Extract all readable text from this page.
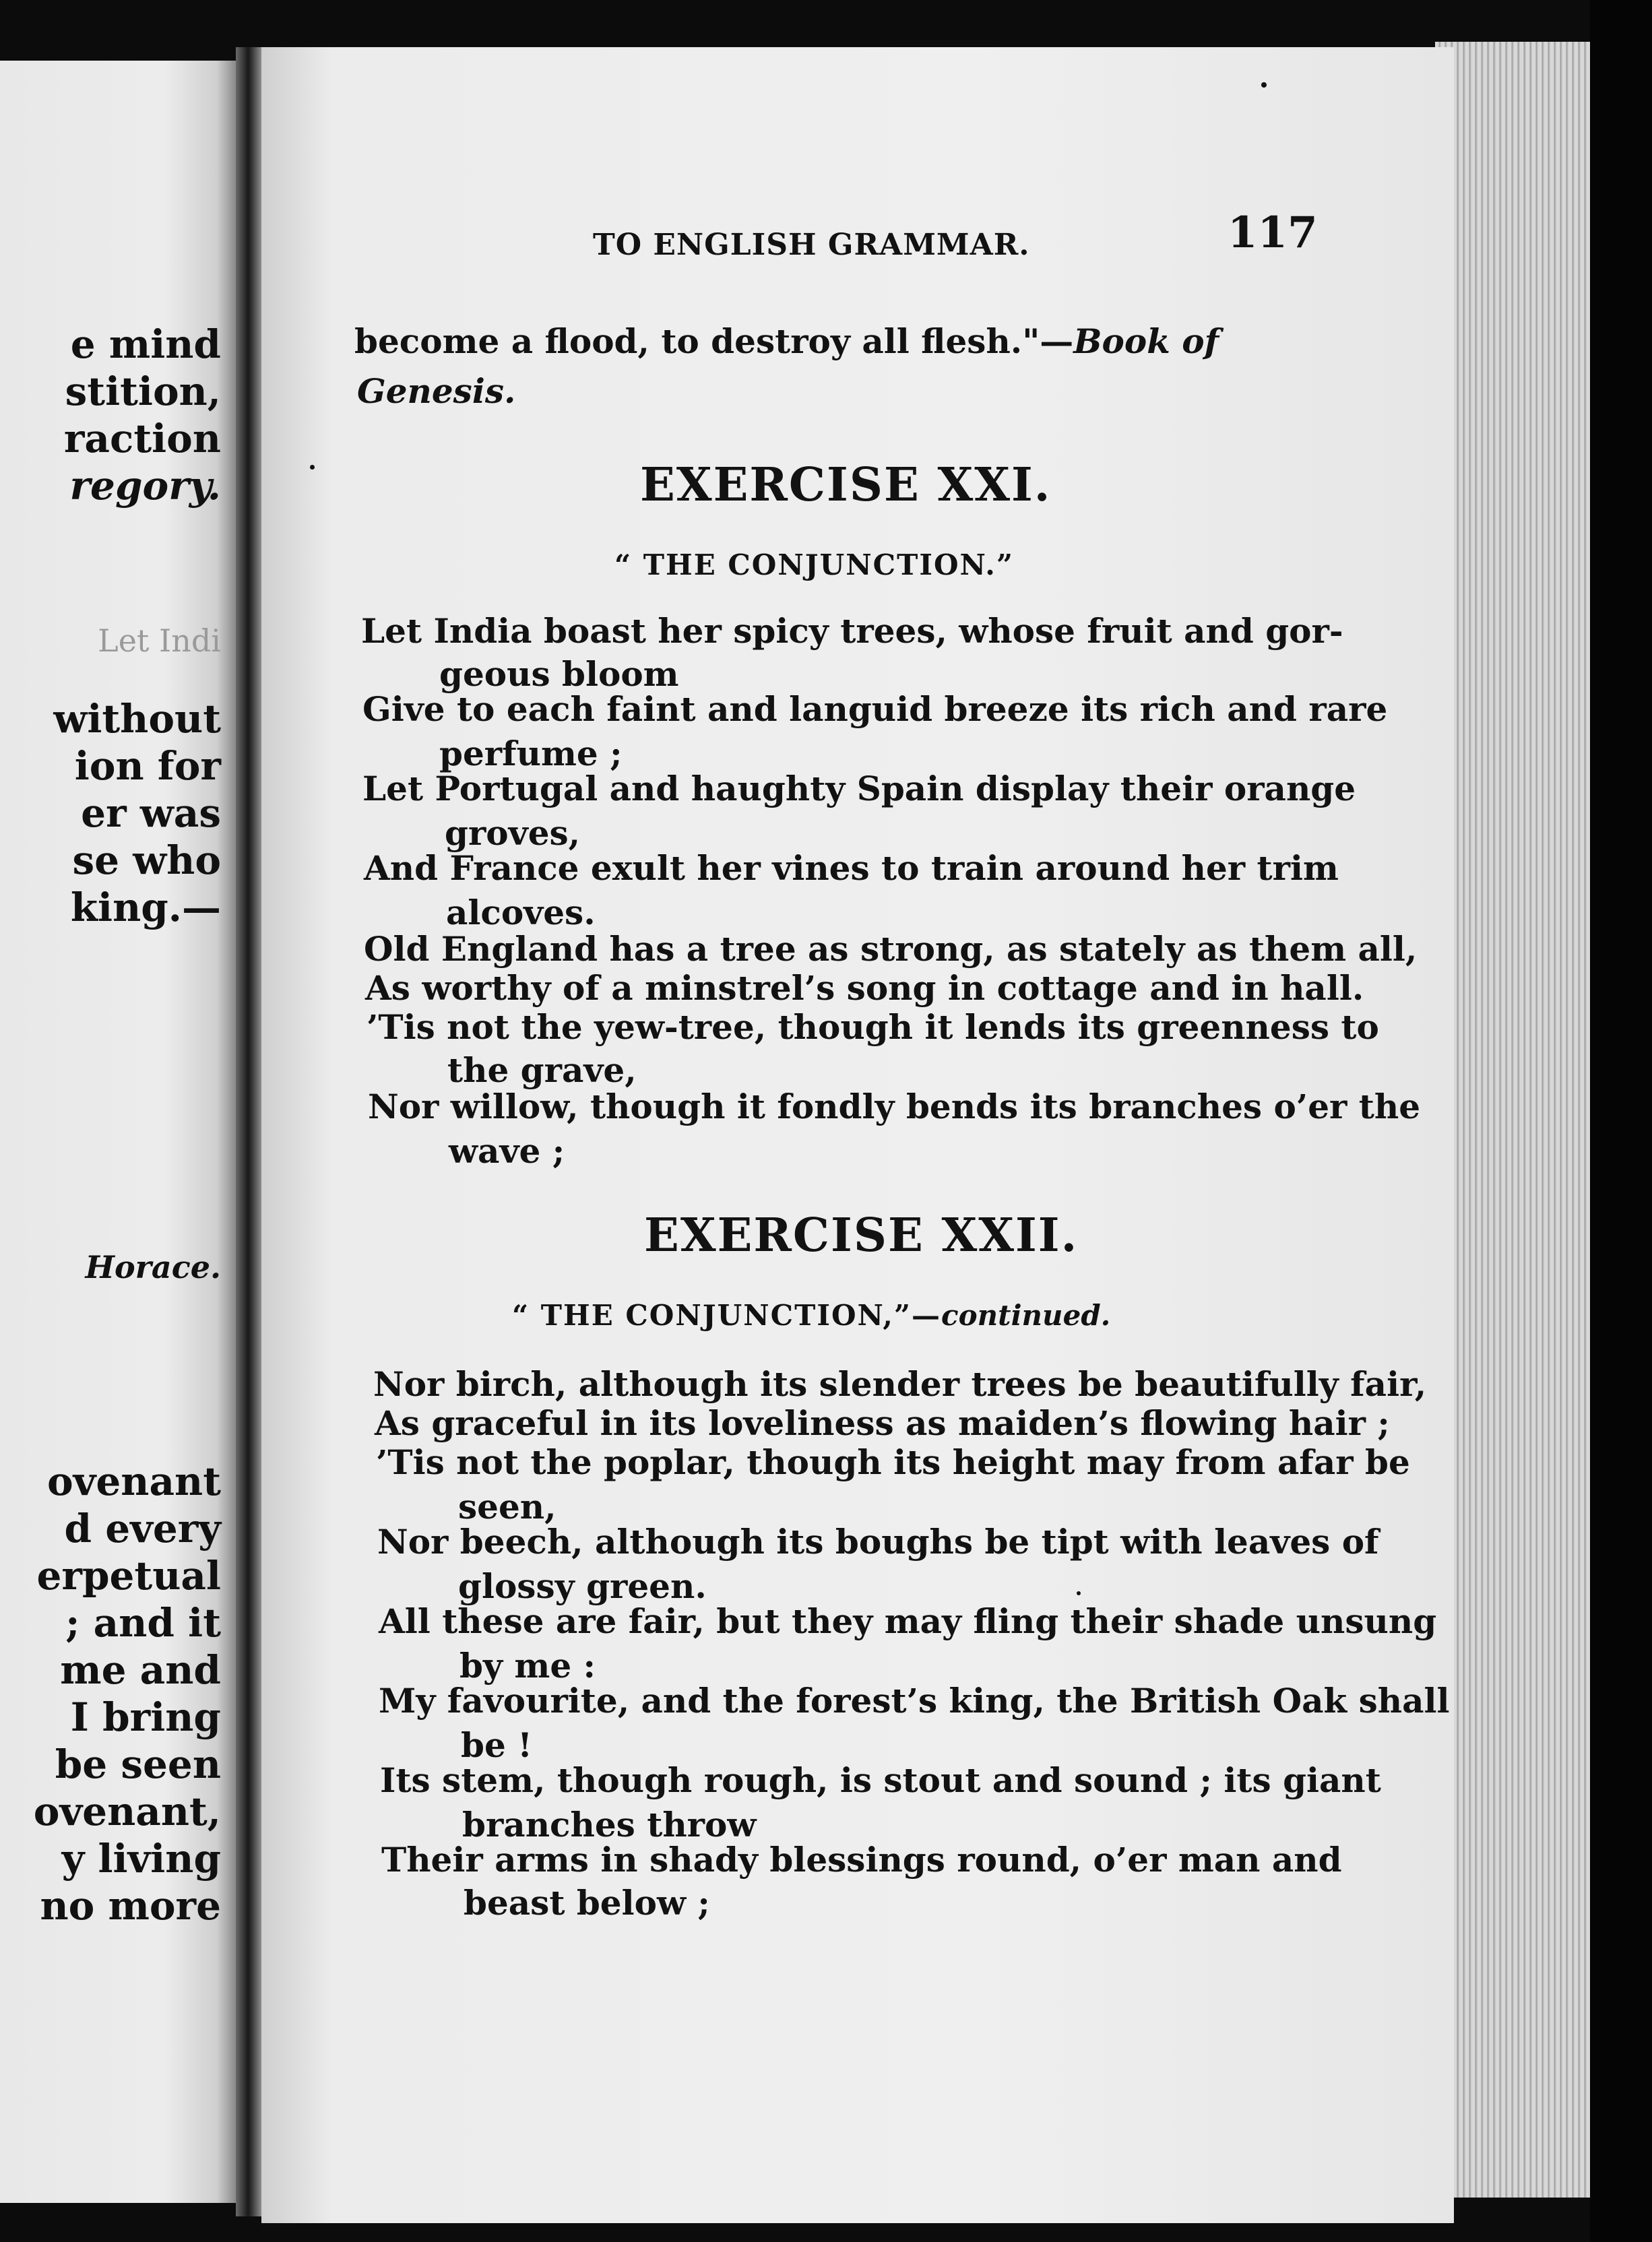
e mind
stition,
raction
regory.
Let Indi
without
ion for
er was
se who
king.—
Horace.
ovenant
d every
erpetual
; and it
me and
I bring
be seen
ovenant,
y living
no more
TO ENGLISH GRAMMAR.	117
become a flood, to destroy all flesh."—Book of
Genesis.
EXERCISE XXI.
“ THE CONJUNCTION.”
Let India boast her spicy trees, whose fruit and gor-
geous bloom
Give to each faint and languid breeze its rich and rare
perfume ;
Let Portugal and haughty Spain display their orange
groves,
And France exult her vines to train around her trim
alcoves.
Old England has a tree as strong, as stately as them all,
As worthy of a minstrel’s song in cottage and in hall.
’Tis not the yew-tree, though it lends its greenness to
the grave,
Nor willow, though it fondly bends its branches o’er the
wave ;
EXERCISE XXII.
“ THE CONJUNCTION,”—continued.
Nor birch, although its slender trees be beautifully fair,
As graceful in its loveliness as maiden’s flowing hair ;
’Tis not the poplar, though its height may from afar be
seen,
Nor beech, although its boughs be tipt with leaves of
glossy green.
All these are fair, but they may fling their shade unsung
by me :
My favourite, and the forest’s king, the British Oak shall
be !
Its stem, though rough, is stout and sound ; its giant
branches throw
Their arms in shady blessings round, o’er man and
beast below ;
